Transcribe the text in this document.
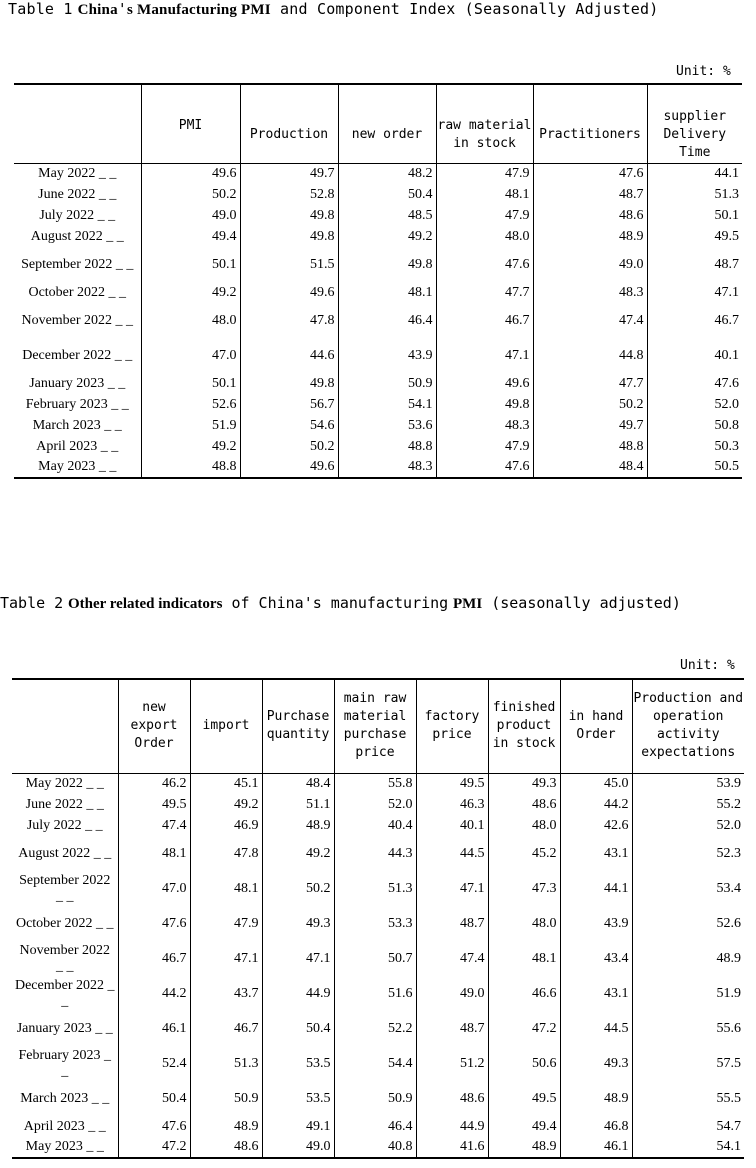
Table 1 China's Manufacturing PMI and Component Index (Seasonally Adjusted)
Unit: %
	PMI	Production	new order	raw material in stock	Practitioners	supplier Delivery Time
May 2022 _ _	49.6	49.7	48.2	47.9	47.6	44.1
June 2022 _ _	50.2	52.8	50.4	48.1	48.7	51.3
July 2022 _ _	49.0	49.8	48.5	47.9	48.6	50.1
August 2022 _ _	49.4	49.8	49.2	48.0	48.9	49.5
September 2022 _ _	50.1	51.5	49.8	47.6	49.0	48.7
October 2022 _ _	49.2	49.6	48.1	47.7	48.3	47.1
November 2022 _ _	48.0	47.8	46.4	46.7	47.4	46.7
December 2022 _ _	47.0	44.6	43.9	47.1	44.8	40.1
January 2023 _ _	50.1	49.8	50.9	49.6	47.7	47.6
February 2023 _ _	52.6	56.7	54.1	49.8	50.2	52.0
March 2023 _ _	51.9	54.6	53.6	48.3	49.7	50.8
April 2023 _ _	49.2	50.2	48.8	47.9	48.8	50.3
May 2023 _ _	48.8	49.6	48.3	47.6	48.4	50.5
Table 2 Other related indicators of China's manufacturing PMI (seasonally adjusted)
Unit: %
	new export Order	import	Purchase quantity	main raw material purchase price	factory price	finished product in stock	in hand Order	Production and operation activity expectations
May 2022 _ _	46.2	45.1	48.4	55.8	49.5	49.3	45.0	53.9
June 2022 _ _	49.5	49.2	51.1	52.0	46.3	48.6	44.2	55.2
July 2022 _ _	47.4	46.9	48.9	40.4	40.1	48.0	42.6	52.0
August 2022 _ _	48.1	47.8	49.2	44.3	44.5	45.2	43.1	52.3
September 2022 _ _	47.0	48.1	50.2	51.3	47.1	47.3	44.1	53.4
October 2022 _ _	47.6	47.9	49.3	53.3	48.7	48.0	43.9	52.6
November 2022 _ _	46.7	47.1	47.1	50.7	47.4	48.1	43.4	48.9
December 2022 _ _	44.2	43.7	44.9	51.6	49.0	46.6	43.1	51.9
January 2023 _ _	46.1	46.7	50.4	52.2	48.7	47.2	44.5	55.6
February 2023 _ _	52.4	51.3	53.5	54.4	51.2	50.6	49.3	57.5
March 2023 _ _	50.4	50.9	53.5	50.9	48.6	49.5	48.9	55.5
April 2023 _ _	47.6	48.9	49.1	46.4	44.9	49.4	46.8	54.7
May 2023 _ _	47.2	48.6	49.0	40.8	41.6	48.9	46.1	54.1
